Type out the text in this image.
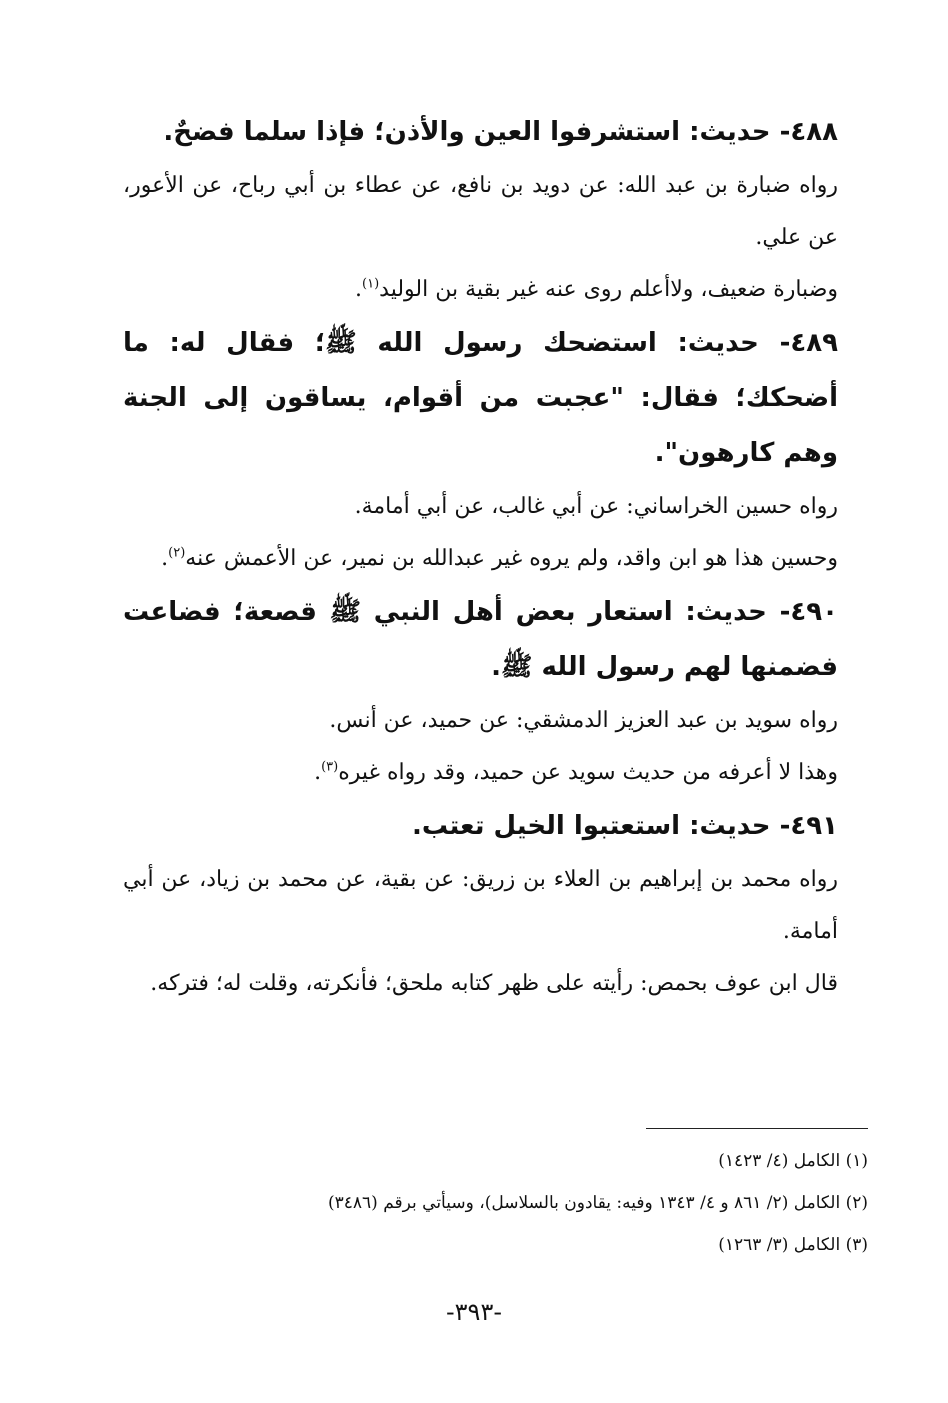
٤٨٨- حديث: استشرفوا العين والأذن؛ فإذا سلما فضحٌ.

رواه ضبارة بن عبد الله: عن دويد بن نافع، عن عطاء بن أبي رباح، عن الأعور، عن علي.

وضبارة ضعيف، ولاأعلم روى عنه غير بقية بن الوليد$^{(١)}$.

٤٨٩- حديث: استضحك رسول الله ﷺ؛ فقال له: ما أضحكك؛ فقال: "عجبت من أقوام، يساقون إلى الجنة وهم كارهون".

رواه حسين الخراساني: عن أبي غالب، عن أبي أمامة.

وحسين هذا هو ابن واقد، ولم يروه غير عبدالله بن نمير، عن الأعمش عنه$^{(٢)}$.

٤٩٠- حديث: استعار بعض أهل النبي ﷺ قصعة؛ فضاعت فضمنها لهم رسول الله ﷺ.

رواه سويد بن عبد العزيز الدمشقي: عن حميد، عن أنس.

وهذا لا أعرفه من حديث سويد عن حميد، وقد رواه غيره$^{(٣)}$.

٤٩١- حديث: استعتبوا الخيل تعتب.

رواه محمد بن إبراهيم بن العلاء بن زريق: عن بقية، عن محمد بن زياد، عن أبي أمامة.

قال ابن عوف بحمص: رأيته على ظهر كتابه ملحق؛ فأنكرته، وقلت له؛ فتركه.

(١) الكامل (٤/ ١٤٢٣)

(٢) الكامل (٢/ ٨٦١ و ٤/ ١٣٤٣ وفيه: يقادون بالسلاسل)، وسيأتي برقم (٣٤٨٦)

(٣) الكامل (٣/ ١٢٦٣)

-٣٩٣-
